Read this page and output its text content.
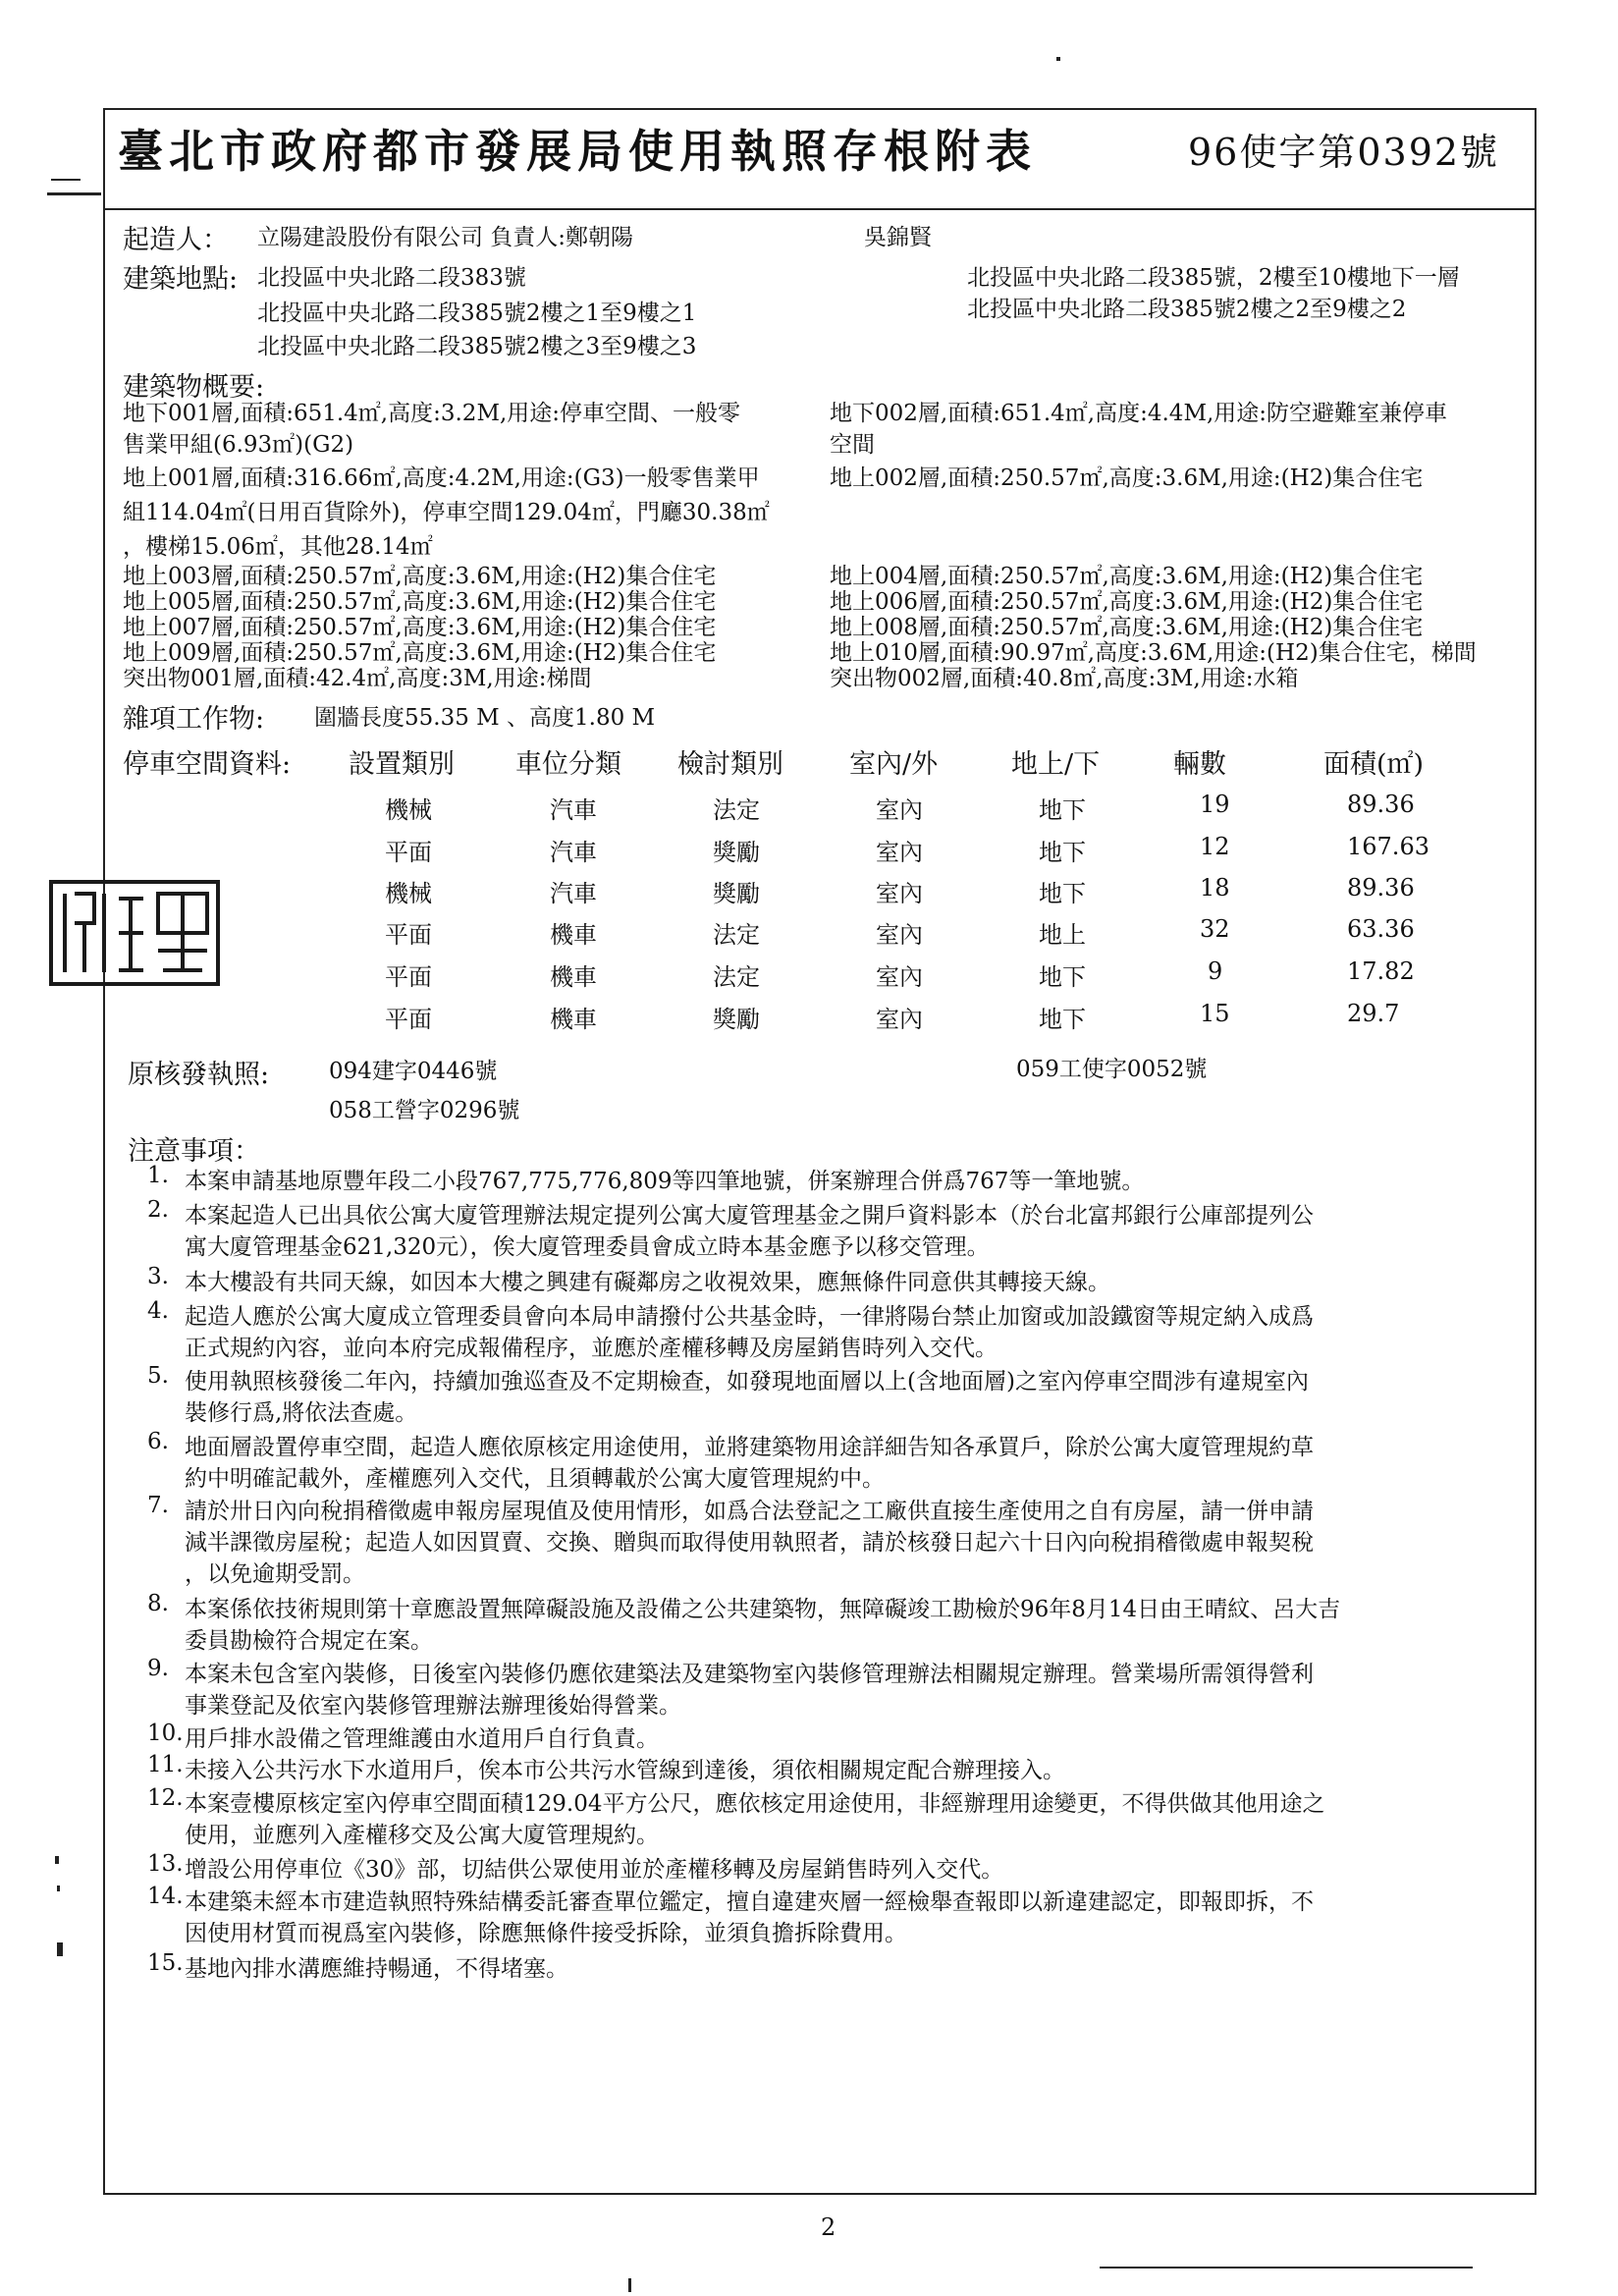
臺北市政府都市發展局使用執照存根附表	96使字第0392號
起造人： 立陽建設股份有限公司 負責人:鄭朝陽	吳錦賢
建築地點: 北投區中央北路二段383號
北投區中央北路二段385號2樓之1至9樓之1
北投區中央北路二段385號2樓之3至9樓之3
北投區中央北路二段385號，2樓至10樓地下一層
北投區中央北路二段385號2樓之2至9樓之2
建築物概要:
地下001層,面積:651.4㎡,高度:3.2M,用途:停車空間、一般零
售業甲組(6.93㎡)(G2)
地下002層,面積:651.4㎡,高度:4.4M,用途:防空避難室兼停車
空間
地上001層,面積:316.66㎡,高度:4.2M,用途:(G3)一般零售業甲
組114.04㎡(日用百貨除外)，停車空間129.04㎡，門廳30.38㎡
，樓梯15.06㎡，其他28.14㎡
地上002層,面積:250.57㎡,高度:3.6M,用途:(H2)集合住宅
地上003層,面積:250.57㎡,高度:3.6M,用途:(H2)集合住宅
地上005層,面積:250.57㎡,高度:3.6M,用途:(H2)集合住宅
地上007層,面積:250.57㎡,高度:3.6M,用途:(H2)集合住宅
地上009層,面積:250.57㎡,高度:3.6M,用途:(H2)集合住宅
突出物001層,面積:42.4㎡,高度:3M,用途:梯間
地上004層,面積:250.57㎡,高度:3.6M,用途:(H2)集合住宅
地上006層,面積:250.57㎡,高度:3.6M,用途:(H2)集合住宅
地上008層,面積:250.57㎡,高度:3.6M,用途:(H2)集合住宅
地上010層,面積:90.97㎡,高度:3.6M,用途:(H2)集合住宅，梯間
突出物002層,面積:40.8㎡,高度:3M,用途:水箱
雜項工作物: 圍牆長度55.35 M 、高度1.80 M
停車空間資料: 設置類別 車位分類 檢討類別 室內/外	地上/下	輛數	面積(㎡)
機械	汽車	法定	室內	地下	19	89.36
平面	汽車	獎勵	室內	地下	12	167.63
機械	汽車	獎勵	室內	地下	18	89.36
平面	機車	法定	室內	地上	32	63.36
平面	機車	法定	室內	地下	9	17.82
平面	機車	獎勵	室內	地下	15	29.7
原核發執照:	094建字0446號	059工使字0052號
058工營字0296號
注意事項：
1. 本案申請基地原豐年段二小段767,775,776,809等四筆地號，併案辦理合併爲767等一筆地號。
2. 本案起造人已出具依公寓大廈管理辦法規定提列公寓大廈管理基金之開戶資料影本（於台北富邦銀行公庫部提列公
寓大廈管理基金621,320元），俟大廈管理委員會成立時本基金應予以移交管理。
3. 本大樓設有共同天線，如因本大樓之興建有礙鄰房之收視效果，應無條件同意供其轉接天線。
4. 起造人應於公寓大廈成立管理委員會向本局申請撥付公共基金時，一律將陽台禁止加窗或加設鐵窗等規定納入成爲
正式規約內容，並向本府完成報備程序，並應於產權移轉及房屋銷售時列入交代。
5. 使用執照核發後二年內，持續加強巡查及不定期檢查，如發現地面層以上(含地面層)之室內停車空間涉有違規室內
裝修行爲,將依法查處。
6. 地面層設置停車空間，起造人應依原核定用途使用，並將建築物用途詳細告知各承買戶，除於公寓大廈管理規約草
約中明確記載外，產權應列入交代，且須轉載於公寓大廈管理規約中。
7. 請於卅日內向稅捐稽徵處申報房屋現值及使用情形，如爲合法登記之工廠供直接生產使用之自有房屋，請一併申請
減半課徵房屋稅；起造人如因買賣、交換、贈與而取得使用執照者，請於核發日起六十日內向稅捐稽徵處申報契稅
，以免逾期受罰。
8. 本案係依技術規則第十章應設置無障礙設施及設備之公共建築物，無障礙竣工勘檢於96年8月14日由王晴紋、呂大吉
委員勘檢符合規定在案。
9. 本案未包含室內裝修，日後室內裝修仍應依建築法及建築物室內裝修管理辦法相關規定辦理。營業場所需領得營利
事業登記及依室內裝修管理辦法辦理後始得營業。
10. 用戶排水設備之管理維護由水道用戶自行負責。
11. 未接入公共污水下水道用戶，俟本市公共污水管線到達後，須依相關規定配合辦理接入。
12. 本案壹樓原核定室內停車空間面積129.04平方公尺，應依核定用途使用，非經辦理用途變更，不得供做其他用途之
使用，並應列入產權移交及公寓大廈管理規約。
13. 增設公用停車位《30》部，切結供公眾使用並於產權移轉及房屋銷售時列入交代。
14. 本建築未經本市建造執照特殊結構委託審查單位鑑定，擅自違建夾層一經檢舉查報即以新違建認定，即報即拆，不
因使用材質而視爲室內裝修，除應無條件接受拆除，並須負擔拆除費用。
15. 基地內排水溝應維持暢通，不得堵塞。
2
